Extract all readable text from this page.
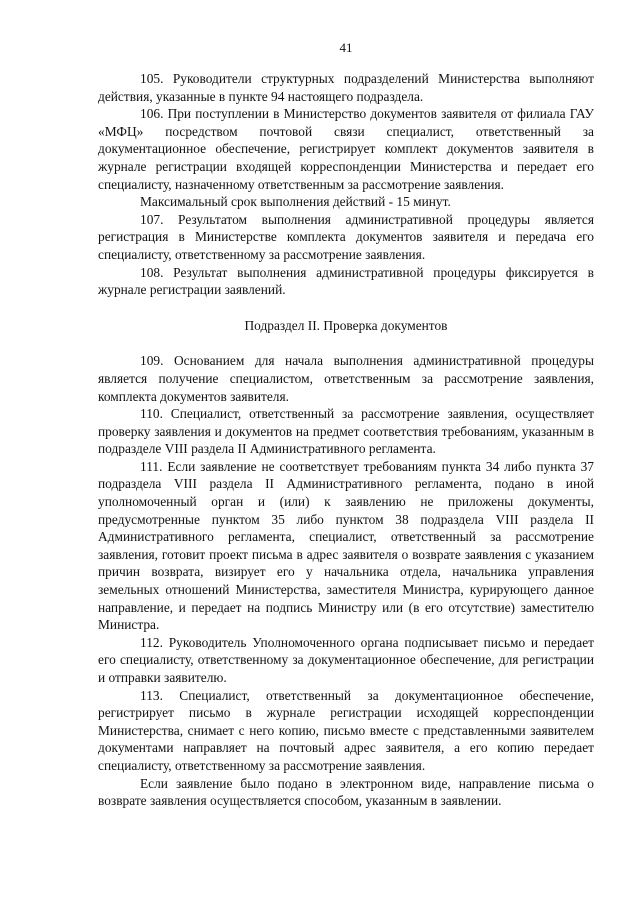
41

105. Руководители структурных подразделений Министерства выполняют действия, указанные в пункте 94 настоящего подраздела.

106. При поступлении в Министерство документов заявителя от филиала ГАУ «МФЦ» посредством почтовой связи специалист, ответственный за документационное обеспечение, регистрирует комплект документов заявителя в журнале регистрации входящей корреспонденции Министерства и передает его специалисту, назначенному ответственным за рассмотрение заявления.

Максимальный срок выполнения действий - 15 минут.

107. Результатом выполнения административной процедуры является регистрация в Министерстве комплекта документов заявителя и передача его специалисту, ответственному за рассмотрение заявления.

108. Результат выполнения административной процедуры фиксируется в журнале регистрации заявлений.

Подраздел II. Проверка документов

109. Основанием для начала выполнения административной процедуры является получение специалистом, ответственным за рассмотрение заявления, комплекта документов заявителя.

110. Специалист, ответственный за рассмотрение заявления, осуществляет проверку заявления и документов на предмет соответствия требованиям, указанным в подразделе VIII раздела II Административного регламента.

111. Если заявление не соответствует требованиям пункта 34 либо пункта 37 подраздела VIII раздела II Административного регламента, подано в иной уполномоченный орган и (или) к заявлению не приложены документы, предусмотренные пунктом 35 либо пунктом 38 подраздела VIII раздела II Административного регламента, специалист, ответственный за рассмотрение заявления, готовит проект письма в адрес заявителя о возврате заявления с указанием причин возврата, визирует его у начальника отдела, начальника управления земельных отношений Министерства, заместителя Министра, курирующего данное направление, и передает на подпись Министру или (в его отсутствие) заместителю Министра.

112. Руководитель Уполномоченного органа подписывает письмо и передает его специалисту, ответственному за документационное обеспечение, для регистрации и отправки заявителю.

113. Специалист, ответственный за документационное обеспечение, регистрирует письмо в журнале регистрации исходящей корреспонденции Министерства, снимает с него копию, письмо вместе с представленными заявителем документами направляет на почтовый адрес заявителя, а его копию передает специалисту, ответственному за рассмотрение заявления.

Если заявление было подано в электронном виде, направление письма о возврате заявления осуществляется способом, указанным в заявлении.
